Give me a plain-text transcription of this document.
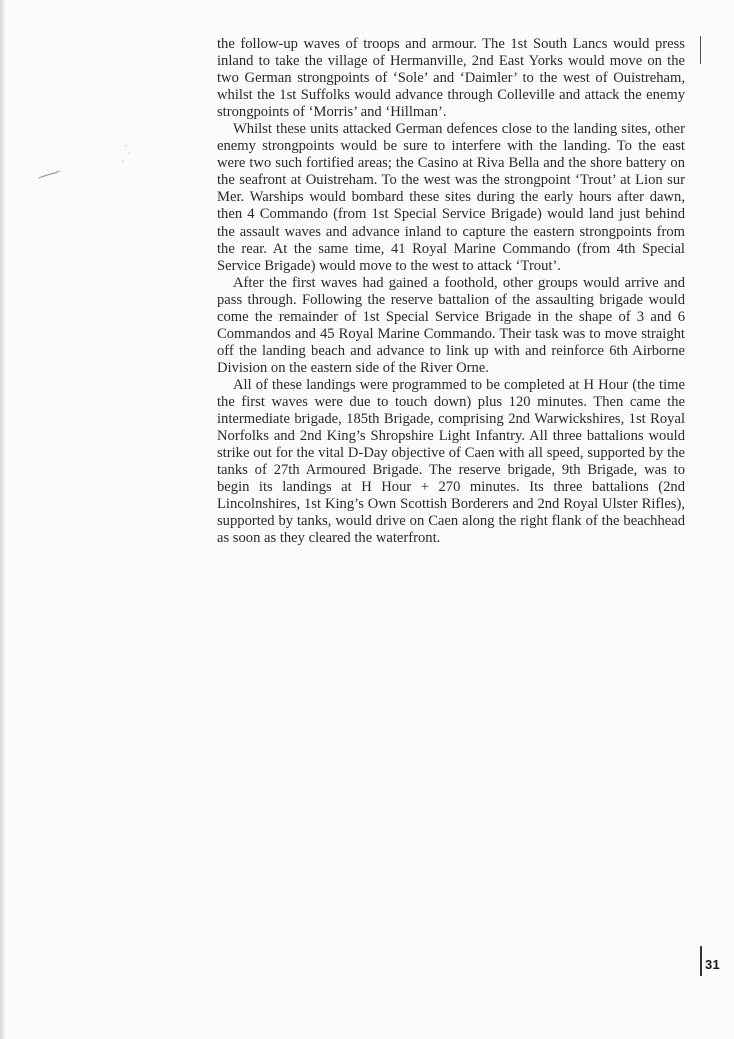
the follow-up waves of troops and armour. The 1st South Lancs would press inland to take the village of Hermanville, 2nd East Yorks would move on the two German strongpoints of ‘Sole’ and ‘Daimler’ to the west of Ouistreham, whilst the 1st Suffolks would advance through Colleville and attack the enemy strongpoints of ‘Morris’ and ‘Hillman’.

Whilst these units attacked German defences close to the landing sites, other enemy strongpoints would be sure to interfere with the landing. To the east were two such fortified areas; the Casino at Riva Bella and the shore battery on the seafront at Ouistreham. To the west was the strongpoint ‘Trout’ at Lion sur Mer. Warships would bombard these sites during the early hours after dawn, then 4 Commando (from 1st Special Service Brigade) would land just behind the assault waves and advance inland to capture the eastern strongpoints from the rear. At the same time, 41 Royal Marine Commando (from 4th Special Service Brigade) would move to the west to attack ‘Trout’.

After the first waves had gained a foothold, other groups would arrive and pass through. Following the reserve battalion of the assaulting brigade would come the remainder of 1st Special Service Brigade in the shape of 3 and 6 Commandos and 45 Royal Marine Commando. Their task was to move straight off the landing beach and advance to link up with and reinforce 6th Airborne Division on the eastern side of the River Orne.

All of these landings were programmed to be completed at H Hour (the time the first waves were due to touch down) plus 120 minutes. Then came the intermediate brigade, 185th Brigade, comprising 2nd Warwickshires, 1st Royal Norfolks and 2nd King’s Shropshire Light Infantry. All three battalions would strike out for the vital D-Day objective of Caen with all speed, supported by the tanks of 27th Armoured Brigade. The reserve brigade, 9th Brigade, was to begin its landings at H Hour + 270 minutes. Its three battalions (2nd Lincolnshires, 1st King’s Own Scottish Borderers and 2nd Royal Ulster Rifles), supported by tanks, would drive on Caen along the right flank of the beachhead as soon as they cleared the waterfront.

31
